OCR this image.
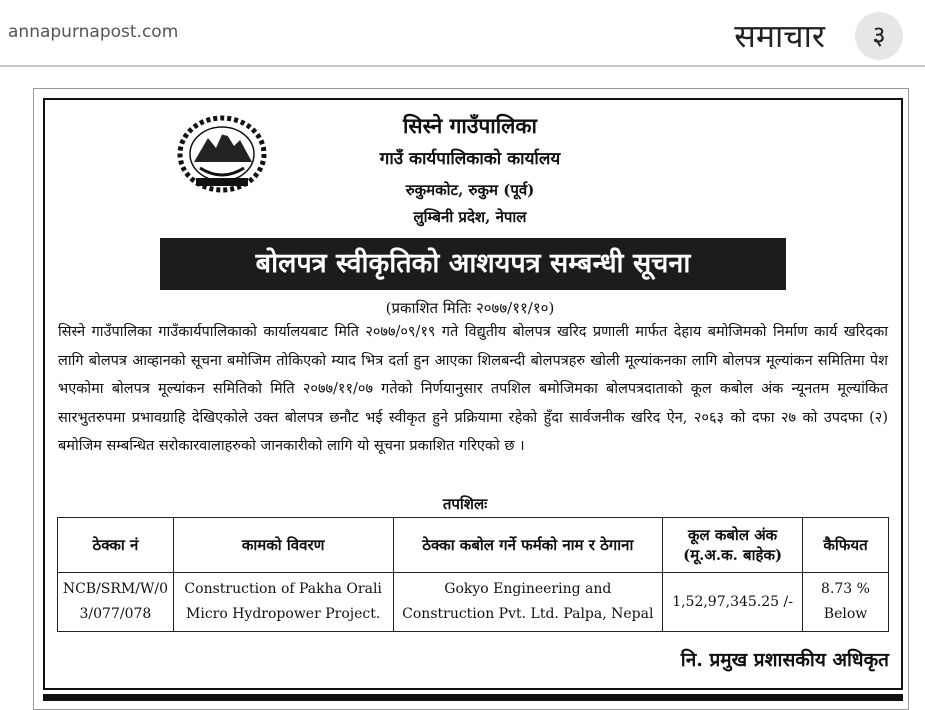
annapurnapost.com	समाचार	३
सिस्ने गाउँपालिका
गाउँ कार्यपालिकाको कार्यालय
रुकुमकोट, रुकुम (पूर्व)
लुम्बिनी प्रदेश, नेपाल
बोलपत्र स्वीकृतिको आशयपत्र सम्बन्धी सूचना
(प्रकाशित मितिः २०७७/११/१०)
सिस्ने गाउँपालिका गाउँकार्यपालिकाको कार्यालयबाट मिति २०७७/०९/१९ गते विद्युतीय बोलपत्र खरिद प्रणाली मार्फत देहाय बमोजिमको निर्माण कार्य खरिदका लागि बोलपत्र आव्हानको सूचना बमोजिम तोकिएको म्याद भित्र दर्ता हुन आएका शिलबन्दी बोलपत्रहरु खोली मूल्यांकनका लागि बोलपत्र मूल्यांकन समितिमा पेश भएकोमा बोलपत्र मूल्यांकन समितिको मिति २०७७/११/०७ गतेको निर्णयानुसार तपशिल बमोजिमका बोलपत्रदाताको कूल कबोल अंक न्यूनतम मूल्यांकित सारभुतरुपमा प्रभावग्राहि देखिएकोले उक्त बोलपत्र छनौट भई स्वीकृत हुने प्रक्रियामा रहेको हुँदा सार्वजनीक खरिद ऐन, २०६३ को दफा २७ को उपदफा (२) बमोजिम सम्बन्धित सरोकारवालाहरुको जानकारीको लागि यो सूचना प्रकाशित गरिएको छ ।
तपशिलः
ठेक्का नं	कामको विवरण	ठेक्का कबोल गर्ने फर्मको नाम र ठेगाना	कूल कबोल अंक (मू.अ.क. बाहेक)	कैफियत
NCB/SRM/W/03/077/078	Construction of Pakha Orali Micro Hydropower Project.	Gokyo Engineering and Construction Pvt. Ltd. Palpa, Nepal	1,52,97,345.25 /-	8.73 % Below
नि. प्रमुख प्रशासकीय अधिकृत
